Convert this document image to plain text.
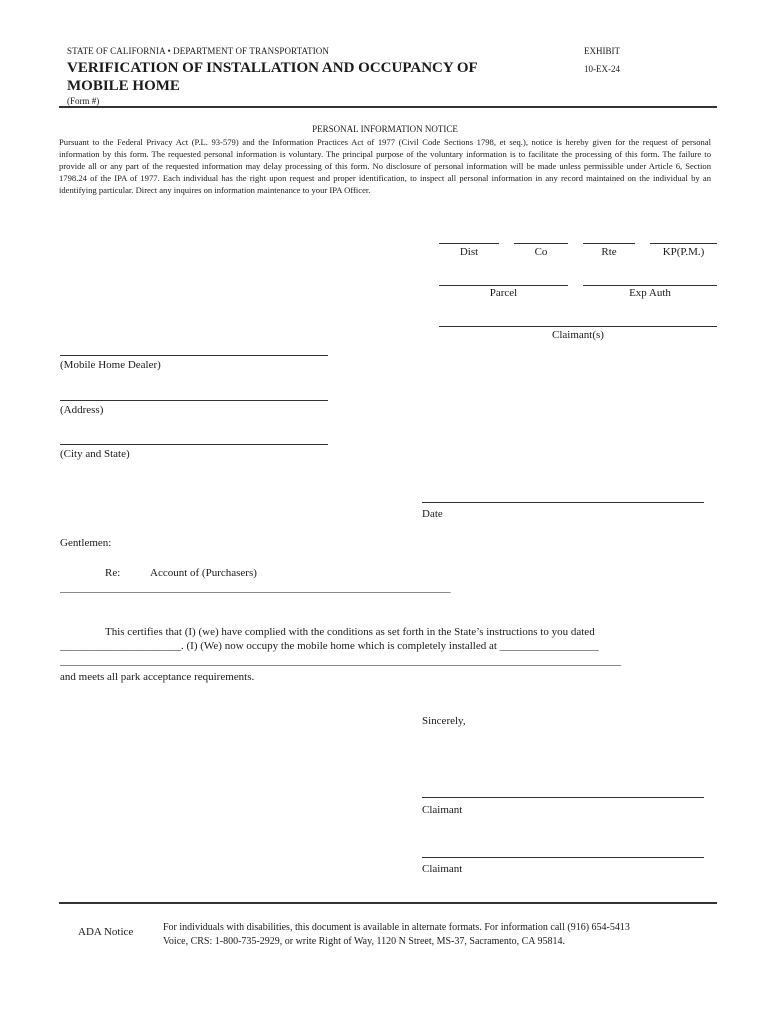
STATE OF CALIFORNIA • DEPARTMENT OF TRANSPORTATION
VERIFICATION OF INSTALLATION AND OCCUPANCY OF
MOBILE HOME
(Form #)
EXHIBIT
10-EX-24
PERSONAL INFORMATION NOTICE
Pursuant to the Federal Privacy Act (P.L. 93-579) and the Information Practices Act of 1977 (Civil Code Sections 1798, et seq.), notice is hereby given for the request of personal information by this form. The requested personal information is voluntary. The principal purpose of the voluntary information is to facilitate the processing of this form. The failure to provide all or any part of the requested information may delay processing of this form. No disclosure of personal information will be made unless permissible under Article 6, Section 1798.24 of the IPA of 1977. Each individual has the right upon request and proper identification, to inspect all personal information in any record maintained on the individual by an identifying particular. Direct any inquires on information maintenance to your IPA Officer.
Dist	Co	Rte	KP(P.M.)
Parcel	Exp Auth
Claimant(s)
(Mobile Home Dealer)
(Address)
(City and State)
Date
Gentlemen:
Re:	Account of (Purchasers)
_______________________________________________________________________
This certifies that (I) (we) have complied with the conditions as set forth in the State’s instructions to you dated
______________________. (I) (We) now occupy the mobile home which is completely installed at __________________
______________________________________________________________________________________________________
and meets all park acceptance requirements.
Sincerely,
Claimant
Claimant
ADA Notice	For individuals with disabilities, this document is available in alternate formats. For information call (916) 654-5413
Voice, CRS: 1-800-735-2929, or write Right of Way, 1120 N Street, MS-37, Sacramento, CA 95814.
